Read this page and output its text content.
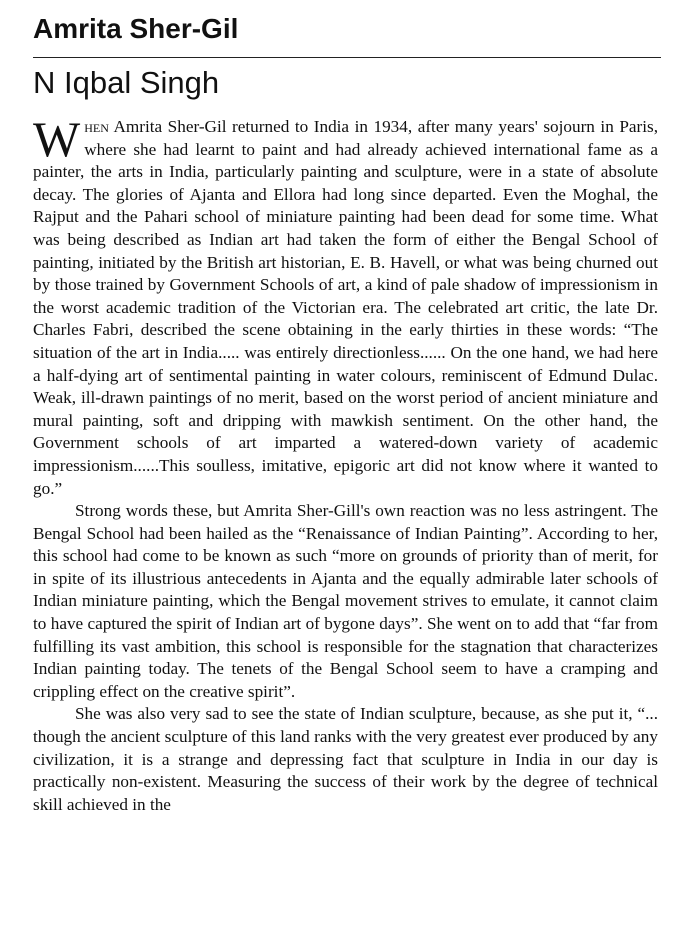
Amrita Sher-Gil
N Iqbal Singh

When Amrita Sher-Gil returned to India in 1934, after many years' sojourn in Paris, where she had learnt to paint and had already achieved international fame as a painter, the arts in India, particularly painting and sculpture, were in a state of absolute decay. The glories of Ajanta and Ellora had long since departed. Even the Moghal, the Rajput and the Pahari school of miniature painting had been dead for some time. What was being described as Indian art had taken the form of either the Bengal School of painting, initiated by the British art historian, E. B. Havell, or what was being churned out by those trained by Government Schools of art, a kind of pale shadow of impressionism in the worst academic tradition of the Victorian era. The celebrated art critic, the late Dr. Charles Fabri, described the scene obtaining in the early thirties in these words: “The situation of the art in India..... was entirely directionless...... On the one hand, we had here a half-dying art of sentimental painting in water colours, reminiscent of Edmund Dulac. Weak, ill-drawn paintings of no merit, based on the worst period of ancient miniature and mural painting, soft and dripping with mawkish sentiment. On the other hand, the Government schools of art imparted a watered-down variety of academic impressionism......This soulless, imitative, epigoric art did not know where it wanted to go.”

Strong words these, but Amrita Sher-Gill's own reaction was no less astringent. The Bengal School had been hailed as the “Renaissance of Indian Painting”. According to her, this school had come to be known as such “more on grounds of priority than of merit, for in spite of its illustrious antecedents in Ajanta and the equally admirable later schools of Indian miniature painting, which the Bengal movement strives to emulate, it cannot claim to have captured the spirit of Indian art of bygone days”. She went on to add that “far from fulfilling its vast ambition, this school is responsible for the stagnation that characterizes Indian painting today. The tenets of the Bengal School seem to have a cramping and crippling effect on the creative spirit”.

She was also very sad to see the state of Indian sculpture, because, as she put it, “... though the ancient sculpture of this land ranks with the very greatest ever produced by any civilization, it is a strange and depressing fact that sculpture in India in our day is practically non-existent. Measuring the success of their work by the degree of technical skill achieved in the
